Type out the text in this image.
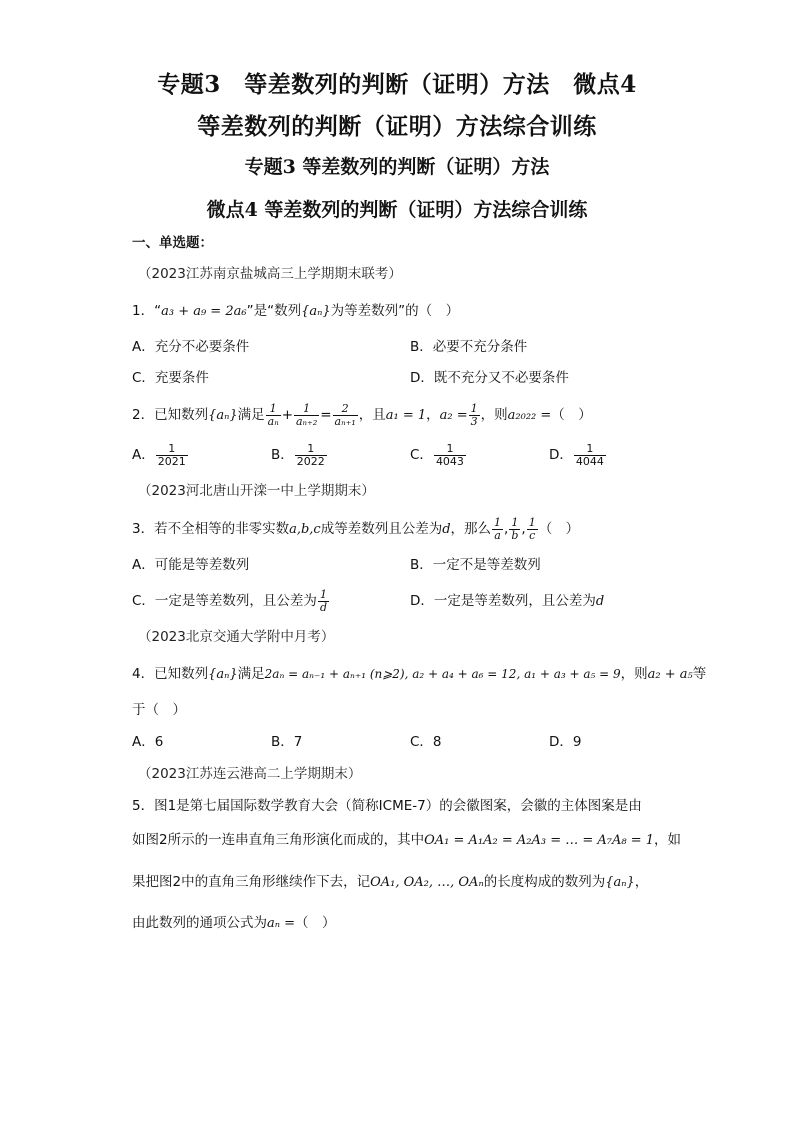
专题3　等差数列的判断（证明）方法　微点4
等差数列的判断（证明）方法综合训练
专题3 等差数列的判断（证明）方法
微点4 等差数列的判断（证明）方法综合训练
一、单选题：
（2023江苏南京盐城高三上学期期末联考）
1．“a₃ + a₉ = 2a₆”是“数列{aₙ}为等差数列”的（　）
A．充分不必要条件	B．必要不充分条件
C．充要条件	D．既不充分又不必要条件
2．已知数列{aₙ}满足 $\frac{1}{\text{aₙ}} + \frac{1}{\text{aₙ₊₂}} = \frac{2}{\text{aₙ₊₁}}$ ，且a₁ = 1，$a_2 = \frac{1}{3}$ ，则a₂₀₂₂ =（　）
A． $\frac{1}{2021}$	B． $\frac{1}{2022}$	C． $\frac{1}{4043}$	D． $\frac{1}{4044}$
（2023河北唐山开滦一中上学期期末）
3．若不全相等的非零实数a,b,c成等差数列且公差为d，那么 $\frac{1}{a}$ , $\frac{1}{b}$ , $\frac{1}{c}$ （　）
A．可能是等差数列	B．一定不是等差数列
C．一定是等差数列，且公差为 $\frac{1}{d}$	D．一定是等差数列，且公差为d
（2023北京交通大学附中月考）
4．已知数列{aₙ}满足2aₙ = aₙ₋₁ + aₙ₊₁ (n⩾2), a₂ + a₄ + a₆ = 12, a₁ + a₃ + a₅ = 9，则a₂ + a₅等
于（　）
A．6	B．7	C．8	D．9
（2023江苏连云港高二上学期期末）
5．图1是第七届国际数学教育大会（简称ICME-7）的会徽图案，会徽的主体图案是由
如图2所示的一连串直角三角形演化而成的，其中OA₁ = A₁A₂ = A₂A₃ = … = A₇A₈ = 1，如
果把图2中的直角三角形继续作下去，记OA₁, OA₂, …, OAₙ的长度构成的数列为{aₙ}，
由此数列的通项公式为aₙ =（　）
